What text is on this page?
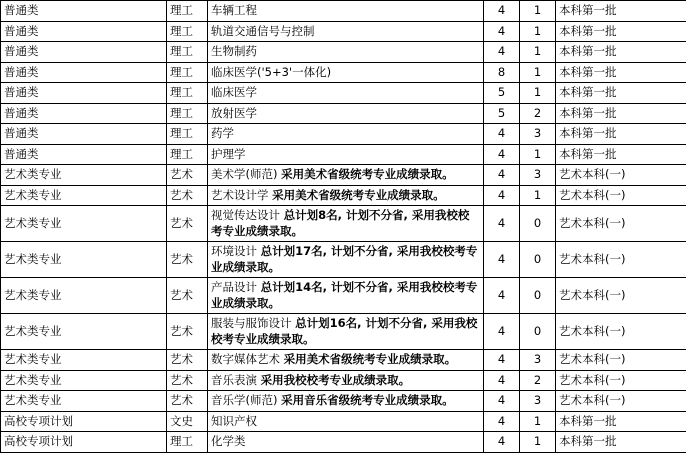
普通类	理工	车辆工程	4	1	本科第一批
普通类	理工	轨道交通信号与控制	4	1	本科第一批
普通类	理工	生物制药	4	1	本科第一批
普通类	理工	临床医学('5+3'一体化)	8	1	本科第一批
普通类	理工	临床医学	5	1	本科第一批
普通类	理工	放射医学	5	2	本科第一批
普通类	理工	药学	4	3	本科第一批
普通类	理工	护理学	4	1	本科第一批
艺术类专业	艺术	美术学(师范) 采用美术省级统考专业成绩录取。	4	3	艺术本科(一)
艺术类专业	艺术	艺术设计学 采用美术省级统考专业成绩录取。	4	1	艺术本科(一)
艺术类专业	艺术	视觉传达设计 总计划8名, 计划不分省, 采用我校校考专业成绩录取。	4	0	艺术本科(一)
艺术类专业	艺术	环境设计 总计划17名, 计划不分省, 采用我校校考专业成绩录取。	4	0	艺术本科(一)
艺术类专业	艺术	产品设计 总计划14名, 计划不分省, 采用我校校考专业成绩录取。	4	0	艺术本科(一)
艺术类专业	艺术	服装与服饰设计 总计划16名, 计划不分省, 采用我校校考专业成绩录取。	4	0	艺术本科(一)
艺术类专业	艺术	数字媒体艺术 采用美术省级统考专业成绩录取。	4	3	艺术本科(一)
艺术类专业	艺术	音乐表演 采用我校校考专业成绩录取。	4	2	艺术本科(一)
艺术类专业	艺术	音乐学(师范) 采用音乐省级统考专业成绩录取。	4	3	艺术本科(一)
高校专项计划	文史	知识产权	4	1	本科第一批
高校专项计划	理工	化学类	4	1	本科第一批
